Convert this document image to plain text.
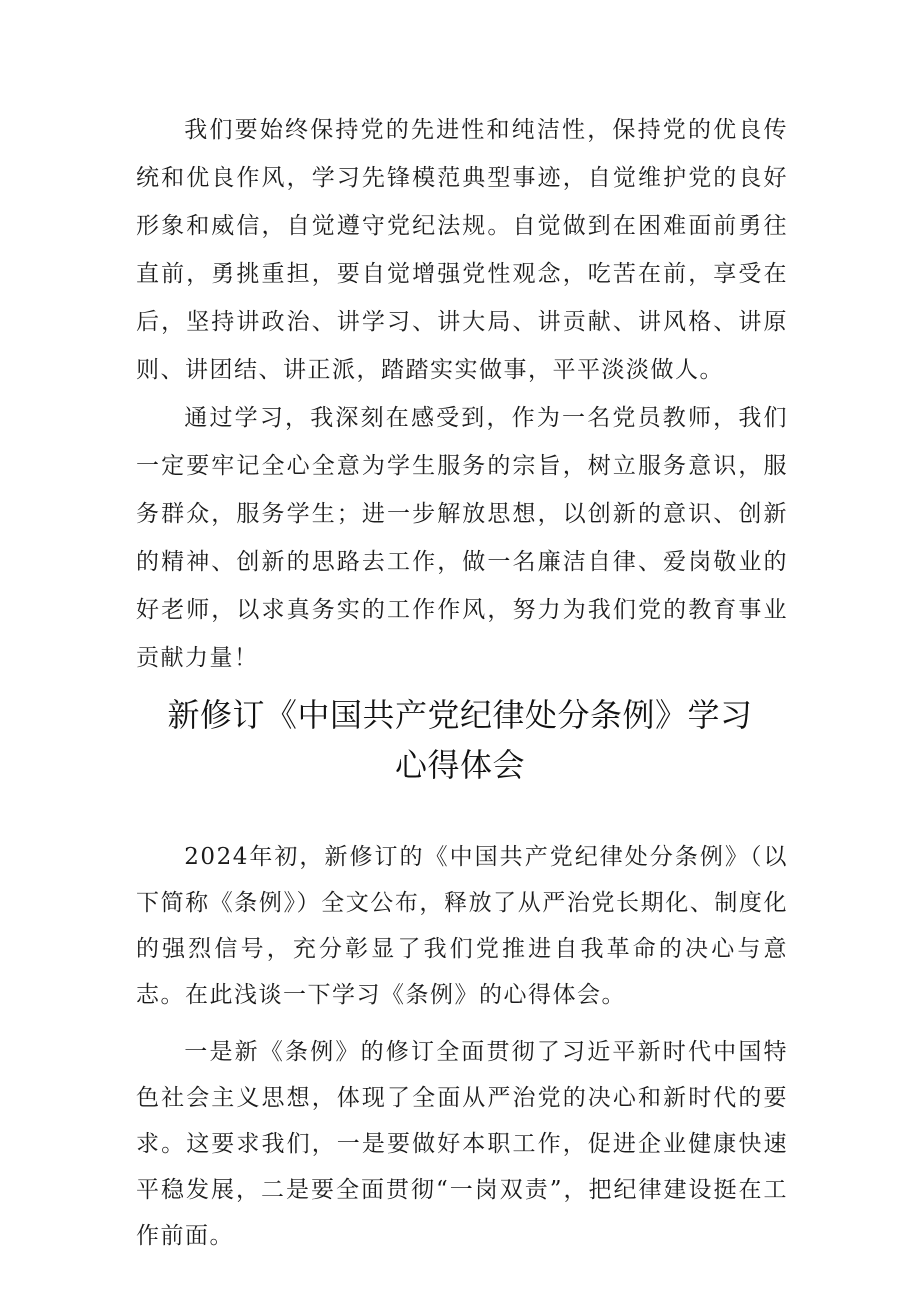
我们要始终保持党的先进性和纯洁性，保持党的优良传统和优良作风，学习先锋模范典型事迹，自觉维护党的良好形象和威信，自觉遵守党纪法规。自觉做到在困难面前勇往直前，勇挑重担，要自觉增强党性观念，吃苦在前，享受在后，坚持讲政治、讲学习、讲大局、讲贡献、讲风格、讲原则、讲团结、讲正派，踏踏实实做事，平平淡淡做人。

通过学习，我深刻在感受到，作为一名党员教师，我们一定要牢记全心全意为学生服务的宗旨，树立服务意识，服务群众，服务学生；进一步解放思想，以创新的意识、创新的精神、创新的思路去工作，做一名廉洁自律、爱岗敬业的好老师，以求真务实的工作作风，努力为我们党的教育事业贡献力量！

新修订《中国共产党纪律处分条例》学习
心得体会

2024年初，新修订的《中国共产党纪律处分条例》（以下简称《条例》）全文公布，释放了从严治党长期化、制度化的强烈信号，充分彰显了我们党推进自我革命的决心与意志。在此浅谈一下学习《条例》的心得体会。

一是新《条例》的修订全面贯彻了习近平新时代中国特色社会主义思想，体现了全面从严治党的决心和新时代的要求。这要求我们，一是要做好本职工作，促进企业健康快速平稳发展，二是要全面贯彻“一岗双责”，把纪律建设挺在工作前面。
